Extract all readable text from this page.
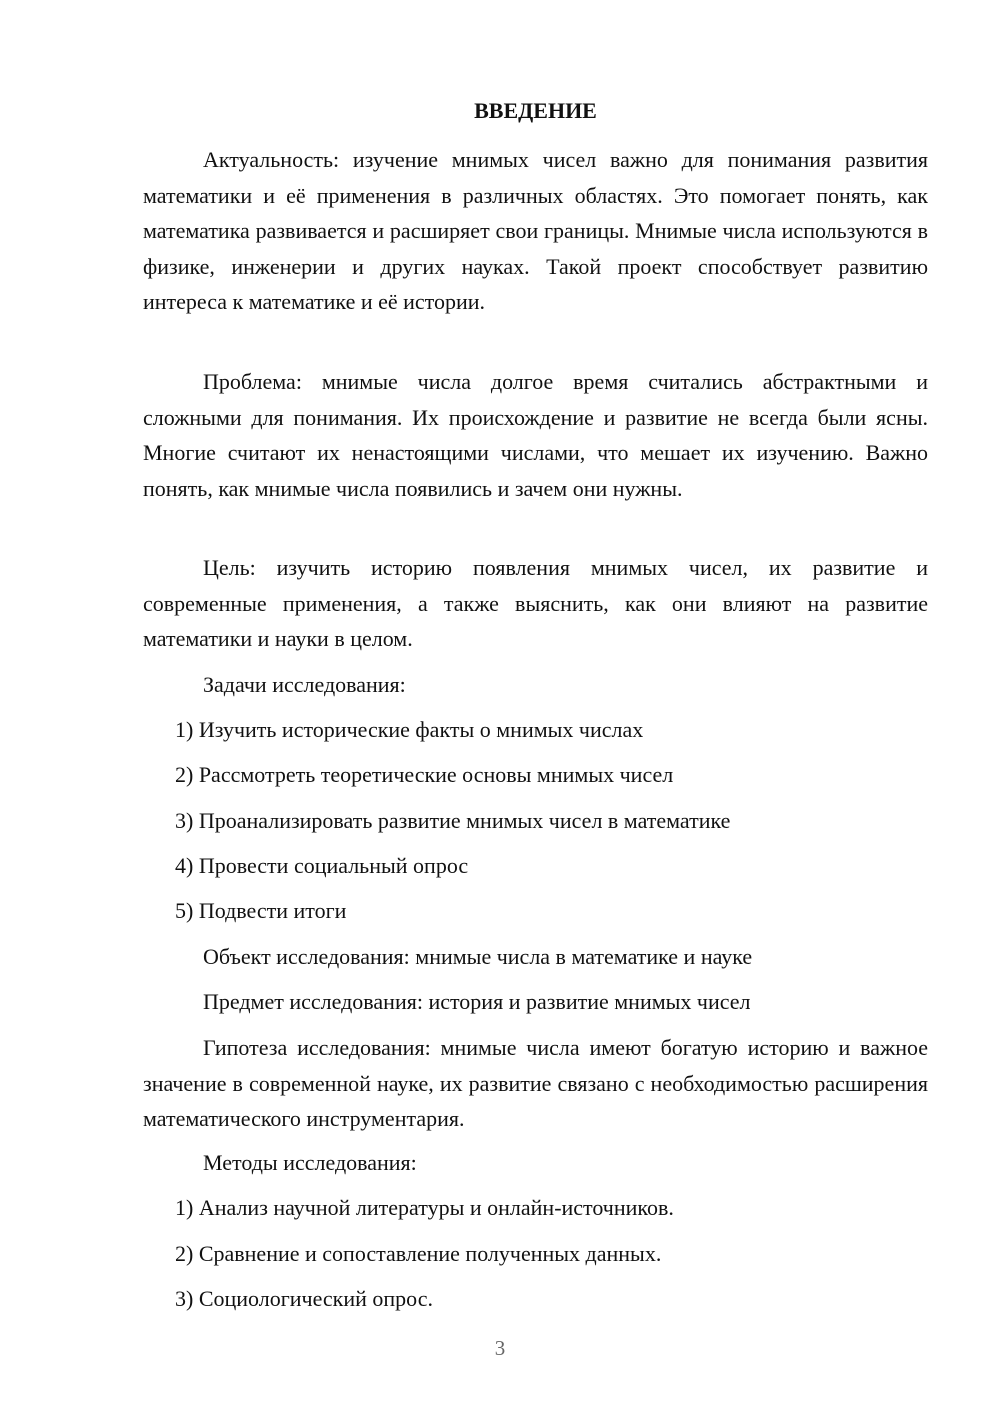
ВВЕДЕНИЕ

Актуальность: изучение мнимых чисел важно для понимания развития математики и её применения в различных областях. Это помогает понять, как математика развивается и расширяет свои границы. Мнимые числа используются в физике, инженерии и других науках. Такой проект способствует развитию интереса к математике и её истории.

Проблема: мнимые числа долгое время считались абстрактными и сложными для понимания. Их происхождение и развитие не всегда были ясны. Многие считают их ненастоящими числами, что мешает их изучению. Важно понять, как мнимые числа появились и зачем они нужны.

Цель: изучить историю появления мнимых чисел, их развитие и современные применения, а также выяснить, как они влияют на развитие математики и науки в целом.

Задачи исследования:

1) Изучить исторические факты о мнимых числах

2) Рассмотреть теоретические основы мнимых чисел

3) Проанализировать развитие мнимых чисел в математике

4) Провести социальный опрос

5) Подвести итоги

Объект исследования: мнимые числа в математике и науке

Предмет исследования: история и развитие мнимых чисел

Гипотеза исследования: мнимые числа имеют богатую историю и важное значение в современной науке, их развитие связано с необходимостью расширения математического инструментария.

Методы исследования:

1) Анализ научной литературы и онлайн-источников.

2) Сравнение и сопоставление полученных данных.

3) Социологический опрос.

3
